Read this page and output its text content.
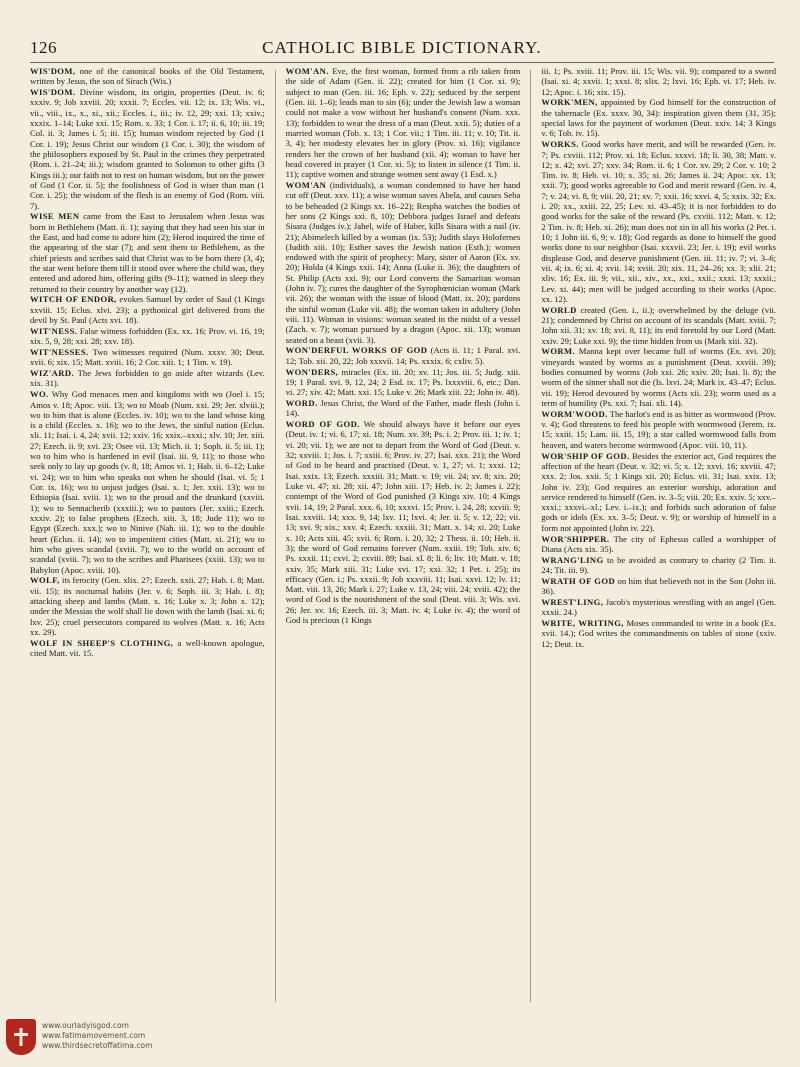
126	CATHOLIC BIBLE DICTIONARY.

WIS'DOM, one of the canonical books of the Old Testament, written by Jesus, the son of Sirach (Wis.)

WIS'DOM. Divine wisdom, its origin, properties (Deut. iv. 6; xxxiv. 9; Job xxviii. 20; xxxii. 7; Eccles. vii. 12; ix. 13; Wis. vi., vii., viii., ix., x., xi., xii.; Eccles. i., iii.; iv. 12, 29; xxi. 13; xxiv.; xxxix. 1–14; Luke xxi. 15; Rom. x. 33; 1 Cor. i. 17; ii. 6, 10; iii. 19; Col. ii. 3; James i. 5; iii. 15); human wisdom rejected by God (1 Cor. i. 19); Jesus Christ our wisdom (1 Cor. i. 30); the wisdom of the philosophers exposed by St. Paul in the crimes they perpetrated (Rom. i. 21–24; iii.); wisdom granted to Solomon to other gifts (3 Kings iii.); our faith not to rest on human wisdom, but on the power of God (1 Cor. ii. 5); the foolishness of God is wiser than man (1 Cor. i. 25); the wisdom of the flesh is an enemy of God (Rom. viii. 7).

WISE MEN came from the East to Jerusalem when Jesus was born in Bethlehem (Matt. ii. 1); saying that they had seen his star in the East, and had come to adore him (2); Herod inquired the time of the appearing of the star (7); and sent them to Bethlehem, as the chief priests and scribes said that Christ was to be born there (3, 4); the star went before them till it stood over where the child was, they entered and adored him, offering gifts (9–11); warned in sleep they returned to their country by another way (12).

WITCH OF ENDOR, evokes Samuel by order of Saul (1 Kings xxviii. 15; Eclus. xlvi. 23); a pythonical girl delivered from the devil by St. Paul (Acts xvi. 18).

WIT'NESS. False witness forbidden (Ex. xx. 16; Prov. vi. 16, 19; xix. 5, 9, 28; xxi. 28; xxv. 18).

WIT'NESSES. Two witnesses required (Num. xxxv. 30; Deut. xvii. 6; xix. 15; Matt. xviii. 16; 2 Cor. xiii. 1; 1 Tim. v. 19).

WIZ'ARD. The Jews forbidden to go aside after wizards (Lev. xix. 31).

WO. Why God menaces men and kingdoms with wo (Joel i. 15; Amos v. 18; Apoc. viii. 13; wo to Moab (Num. xxi. 29; Jer. xlviii.); wo to him that is alone (Eccles. iv. 10); wo to the land whose king is a child (Eccles. x. 16); wo to the Jews, the sinful nation (Eclus. xli. 11; Isai. i. 4, 24; xvii. 12; xxiv. 16; xxix.–xxxi.; xlv. 10; Jer. xiii. 27; Ezech. ii. 9; xvi. 23; Osee vii. 13; Mich. ii. 1; Soph. ii. 5; iii. 1); wo to him who is hardened in evil (Isai. iii. 9, 11); to those who seek only to lay up goods (v. 8, 18; Amos vi. 1; Hab. ii. 6–12; Luke vi. 24); wo to him who speaks not when he should (Isai. vi. 5; 1 Cor. ix. 16); wo to unjust judges (Isai. x. 1; Jer. xxii. 13); wo to Ethiopia (Isai. xviii. 1); wo to the proud and the drunkard (xxviii. 1); wo to Sennacherib (xxxiii.); wo to pastors (Jer. xxiii.; Ezech. xxxiv. 2); to false prophets (Ezech. xiii. 3, 18; Jude 11); wo to Egypt (Ezech. xxx.); wo to Ninive (Nah. iii. 1); wo to the double heart (Eclus. ii. 14); wo to impenitent cities (Matt. xi. 21); wo to him who gives scandal (xviii. 7); wo to the world on account of scandal (xviii. 7); wo to the scribes and Pharisees (xxiii. 13); wo to Babylon (Apoc. xviii. 10).

WOLF, its ferocity (Gen. xlix. 27; Ezech. xxii. 27; Hab. i. 8; Matt. vii. 15); its nocturnal habits (Jer. v. 6; Soph. iii. 3; Hab. i. 8); attacking sheep and lambs (Matt. x. 16; Luke x. 3; John x. 12); under the Messias the wolf shall lie down with the lamb (Isai. xi. 6; lxv. 25); cruel persecutors compared to wolves (Matt. x. 16; Acts xx. 29).

WOLF IN SHEEP'S CLOTHING, a well-known apologue, cited Matt. vii. 15.

WOM'AN. Eve, the first woman, formed from a rib taken from the side of Adam (Gen. ii. 22); created for him (1 Cor. xi. 9); subject to man (Gen. iii. 16; Eph. v. 22); seduced by the serpent (Gen. iii. 1–6); leads man to sin (6); under the Jewish law a woman could not make a vow without her husband's consent (Num. xxx. 13); forbidden to wear the dress of a man (Deut. xxii. 5); duties of a married woman (Tob. x. 13; 1 Cor. vii.; 1 Tim. iii. 11; v. 10; Tit. ii. 3, 4); her modesty elevates her in glory (Prov. xi. 16); vigilance renders her the crown of her husband (xii. 4); woman to have her head covered in prayer (1 Cor. xi. 5); to listen in silence (1 Tim. ii. 11); captive women and strange women sent away (1 Esd. x.)

WOM'AN (individuals), a woman condemned to have her hand cut off (Deut. xxv. 11); a wise woman saves Abela, and causes Seba to be beheaded (2 Kings xx. 16–22); Respha watches the bodies of her sons (2 Kings xxi. 8, 10); Debbora judges Israel and defeats Sisara (Judges iv.); Jahel, wife of Haber, kills Sisara with a nail (iv. 21); Abimelech killed by a woman (ix. 53); Judith slays Holofernes (Judith xiii. 10); Esther saves the Jewish nation (Esth.); women endowed with the spirit of prophecy: Mary, sister of Aaron (Ex. xv. 20); Holda (4 Kings xxii. 14); Anna (Luke ii. 36); the daughters of St. Philip (Acts xxi. 9); our Lord converts the Samaritan woman (John iv. 7); cures the daughter of the Syrophœnician woman (Mark vii. 26); the woman with the issue of blood (Matt. ix. 20); pardons the sinful woman (Luke vii. 48); the woman taken in adultery (John viii. 11). Woman in visions: woman seated in the midst of a vessel (Zach. v. 7); woman pursued by a dragon (Apoc. xii. 13); woman seated on a beast (xvii. 3).

WON'DERFUL WORKS OF GOD (Acts ii. 11; 1 Paral. xvi. 12; Tob. xii. 20, 22; Job xxxvii. 14; Ps. xxxix. 6; cxliv. 5).

WON'DERS, miracles (Ex. iii. 20; xv. 11; Jos. iii. 5; Judg. xiii. 19; 1 Paral. xvi. 9, 12, 24; 2 Esd. ix. 17; Ps. lxxxviii. 6, etc.; Dan. vi. 27; xiv. 42; Matt. xxi. 15; Luke v. 26; Mark xiii. 22; John iv. 48).

WORD. Jesus Christ, the Word of the Father, made flesh (John i. 14).

WORD OF GOD. We should always have it before our eyes (Deut. iv. 1; vi. 6, 17; xi. 18; Num. xv. 39; Ps. i. 2; Prov. iii. 1; iv. 1; vi. 20; vii. 1); we are not to depart from the Word of God (Deut. v. 32; xxviii. 1; Jos. i. 7; xxiii. 6; Prov. iv. 27; Isai. xxx. 21); the Word of God to be heard and practised (Deut. v. 1, 27; vi. 1; xxxi. 12; Isai. xxix. 13; Ezech. xxxiii. 31; Matt. v. 19; vii. 24; xv. 8; xix. 20; Luke vi. 47; xi. 28; xii. 47; John xiii. 17; Heb. iv. 2; James i. 22); contempt of the Word of God punished (3 Kings xiv. 10; 4 Kings xvii. 14, 19; 2 Paral. xxx. 6, 10; xxxvi. 15; Prov. i. 24, 28; xxviii. 9; Isai. xxviii. 14; xxx. 9, 14; lxv. 11; lxvi. 4; Jer. ii. 5; v. 12, 22; vii. 13; xvi. 9; xix.; xxv. 4; Ezech. xxxiii. 31; Matt. x. 14; xi. 20; Luke x. 10; Acts xiii. 45; xvii. 6; Rom. i. 20, 32; 2 Thess. ii. 10; Heb. ii. 3); the word of God remains forever (Num. xxiii. 19; Tob. xiv. 6; Ps. xxxii. 11; cxvi. 2; cxviii. 89; Isai. xl. 8; li. 6; liv. 10; Matt. v. 18; xxiv. 35; Mark xiii. 31; Luke xvi. 17; xxi. 32; 1 Pet. i. 25); its efficacy (Gen. i.; Ps. xxxii. 9; Job xxxviii. 11; Isai. xxvi. 12; lv. 11; Matt. viii. 13, 26; Mark i. 27; Luke v. 13, 24; viii. 24; xviii. 42); the word of God is the nourishment of the soul (Deut. viii. 3; Wis. xvi. 26; Jer. xv. 16; Ezech. iii. 3; Matt. iv. 4; Luke iv. 4); the word of God is precious (1 Kings

iii. 1; Ps. xviii. 11; Prov. iii. 15; Wis. vii. 9); compared to a sword (Isai. xi. 4; xxvii. 1; xxxi. 8; xlix. 2; lxvi. 16; Eph. vi. 17; Heb. iv. 12; Apoc. i. 16; xix. 15).

WORK'MEN, appointed by God himself for the construction of the tabernacle (Ex. xxxv. 30, 34): inspiration given them (31, 35); special laws for the payment of workmen (Deut. xxiv. 14; 3 Kings v. 6; Tob. iv. 15).

WORKS. Good works have merit, and will be rewarded (Gen. iv. 7; Ps. cxviii. 112; Prov. xi. 18; Eclus. xxxvi. 18; li. 30, 38; Matt. v. 12; x. 42; xvi. 27; xxv. 34; Rom. ii. 6; 1 Cor. xv. 29; 2 Cor. v. 10; 2 Tim. iv. 8; Heb. vi. 10; x. 35; xi. 26; James ii. 24; Apoc. xx. 13; xxii. 7); good works agreeable to God and merit reward (Gen. iv. 4, 7; v. 24; vi. 8, 9; viii. 20, 21; xv. 7; xxii. 16; xxvi. 4, 5; xxix. 32; Ex. i. 20; xx., xxiii. 22, 25; Lev. xi. 43–45); it is not forbidden to do good works for the sake of the reward (Ps. cxviii. 112; Matt. v. 12; 2 Tim. iv. 8; Heb. xi. 26); man does not sin in all his works (2 Pet. i. 10; 1 John iii. 6, 9; v. 18); God regards as done to himself the good works done to our neighbor (Isai. xxxvii. 23; Jer. i. 19); evil works displease God, and deserve punishment (Gen. iii. 11; iv. 7; vi. 3–6; vii. 4; ix. 6; xi. 4; xvii. 14; xviii. 20; xix. 11, 24–26; xx. 3; xlii. 21; xliv. 16; Ex. iii. 9; vii., xii., xiv., xx., xxi., xxii.; xxxi. 13; xxxii.; Lev. xi. 44); men will be judged according to their works (Apoc. xx. 12).

WORLD created (Gen. i., ii.); overwhelmed by the deluge (vii. 21); condemned by Christ on account of its scandals (Matt. xviii. 7; John xii. 31; xv. 18; xvi. 8, 11); its end foretold by our Lord (Matt. xxiv. 29; Luke xxi. 9); the time hidden from us (Mark xiii. 32).

WORM. Manna kept over became full of worms (Ex. xvi. 20); vineyards wasted by worms as a punishment (Deut. xxviii. 39); bodies consumed by worms (Job xxi. 26; xxiv. 20; Isai. li. 8); the worm of the sinner shall not die (Is. lxvi. 24; Mark ix. 43–47; Eclus. vii. 19); Herod devoured by worms (Acts xii. 23); worm used as a term of humility (Ps. xxi. 7; Isai. xli. 14).

WORM'WOOD. The harlot's end is as bitter as wormwood (Prov. v. 4); God threatens to feed his people with wormwood (Jerem. ix. 15; xxiii. 15; Lam. iii. 15, 19); a star called wormwood falls from heaven, and waters become wormwood (Apoc. viii. 10, 11).

WOR'SHIP OF GOD. Besides the exterior act, God requires the affection of the heart (Deut. v. 32; vi. 5; x. 12; xxvi. 16; xxviii. 47; xxx. 2; Jos. xxii. 5; 1 Kings xii. 20; Eclus. vii. 31; Isai. xxix. 13; John iv. 23); God requires an exterior worship, adoration and service rendered to himself (Gen. iv. 3–5; viii. 20; Ex. xxiv. 5; xxv.–xxxi.; xxxvi.–xl.; Lev. i.–ix.); and forbids such adoration of false gods or idols (Ex. xx. 3–5; Deut. v. 9); or worship of himself in a form not appointed (John iv. 22).

WOR'SHIPPER. The city of Ephesus called a worshipper of Diana (Acts xix. 35).

WRANG'LING to be avoided as contrary to charity (2 Tim. ii. 24; Tit. iii. 9).

WRATH OF GOD on him that believeth not in the Son (John iii. 36).

WREST'LING, Jacob's mysterious wrestling with an angel (Gen. xxxii. 24.)

WRITE, WRITING, Moses commanded to write in a book (Ex. xvii. 14.); God writes the commandments on tables of stone (xxiv. 12; Deut. ix.

www.ourladyisgod.com
www.fatimamovement.com
www.thirdsecretoffatima.com
